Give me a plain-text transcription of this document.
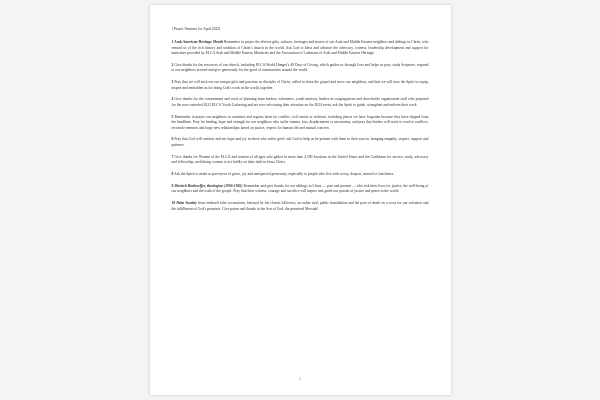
[Prayer Ventures for April 2022]

1 Arab American Heritage Month Remember in prayer the diverse gifts, cultures, heritages and stories of our Arab and Middle Eastern neighbors and siblings in Christ, who remind us of the rich history and tradition of Christ's church in the world. Ask God to bless and advance the advocacy, witness, leadership development and support for ministries provided by ELCA Arab and Middle Eastern Ministries and the Association of Lutherans of Arab and Middle Eastern Heritage.

2 Give thanks for the resources of our church, including ELCA World Hunger's 40 Days of Giving, which guides us through Lent and helps us pray, study Scripture, respond to our neighbors in need and give generously for the good of communities around the world.

3 Pray that we will each use our unique gifts and passions as disciples of Christ, called to share the gospel and serve our neighbors, and that we will trust the Spirit to equip, inspire and embolden us for doing God's work in the world, together.

4 Give thanks for the commitment and work of planning team leaders, volunteers, youth ministry leaders in congregations and churchwide organization staff who prepared for the now-canceled 2022 ELCA Youth Gathering and are now refocusing their attention on the 2024 event; ask the Spirit to guide, strengthen and enliven their work.

5 Remember in prayer our neighbors in countries and regions beset by conflict, civil unrest or violence, including places we have forgotten because they have slipped from the headlines. Pray for healing, hope and strength for our neighbors who suffer trauma, loss, displacement or uncertainty, and pray that leaders will work to resolve conflicts, reconcile enemies and forge new relationships based on justice, respect for human life and mutual concern.

6 Pray that God will comfort and stir hope and joy in those who suffer grief; ask God to help us be present with them in their sorrow, bringing empathy, respect, support and patience.

7 Give thanks for Women of the ELCA and women of all ages who gather in more than 4,500 locations in the United States and the Caribbean for service, study, advocacy and fellowship, mobilizing women to act boldly on their faith in Jesus Christ.

8 Ask the Spirit to make us purveyors of grace, joy and unexpected generosity, especially to people who live with worry, despair, turmoil or loneliness.

9 Dietrich Bonhoeffer, theologian (1906-1945) Remember and give thanks for our siblings in Christ — past and present — who risk their lives for justice, the well-being of our neighbors and the truth of the gospel. Pray that their witness, courage and sacrifice will inspire and guide our pursuit of justice and peace in the world.

10 Palm Sunday Jesus endured false accusations, betrayal by his closest followers, an unfair trial, public humiliation and the pain of death on a cross for our salvation and the fulfillment of God's promises. Give praise and thanks to the Son of God, the promised Messiah!

1
